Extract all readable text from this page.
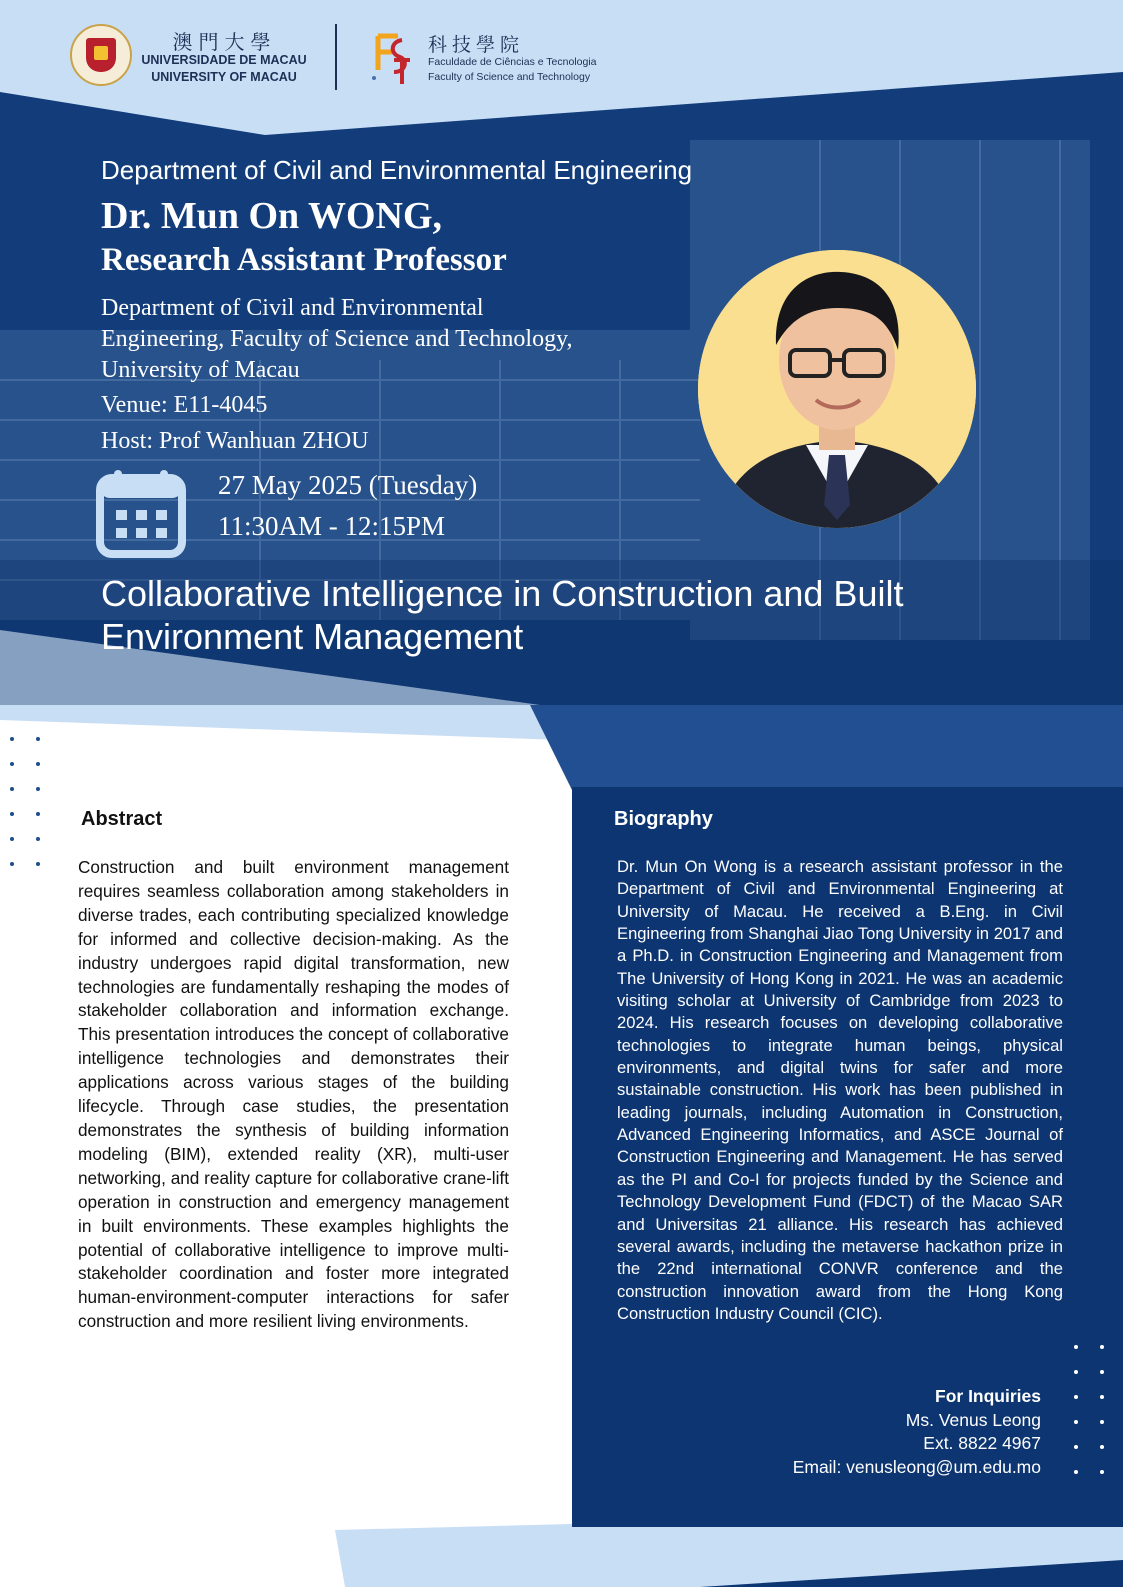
澳門大學
UNIVERSIDADE DE MACAU
UNIVERSITY OF MACAU
科技學院
Faculdade de Ciências e Tecnologia
Faculty of Science and Technology
Department of Civil and Environmental Engineering
Dr. Mun On WONG,
Research Assistant Professor
Department of Civil and Environmental
Engineering, Faculty of Science and Technology,
University of Macau
Venue: E11-4045
Host: Prof Wanhuan ZHOU
27 May 2025 (Tuesday)
11:30AM - 12:15PM
Collaborative Intelligence in Construction and Built
Environment Management
Abstract
Construction and built environment management requires seamless collaboration among stakeholders in diverse trades, each contributing specialized knowledge for informed and collective decision-making. As the industry undergoes rapid digital transformation, new technologies are fundamentally reshaping the modes of stakeholder collaboration and information exchange. This presentation introduces the concept of collaborative intelligence technologies and demonstrates their applications across various stages of the building lifecycle. Through case studies, the presentation demonstrates the synthesis of building information modeling (BIM), extended reality (XR), multi-user networking, and reality capture for collaborative crane-lift operation in construction and emergency management in built environments. These examples highlights the potential of collaborative intelligence to improve multi-stakeholder coordination and foster more integrated human-environment-computer interactions for safer construction and more resilient living environments.
Biography
Dr. Mun On Wong is a research assistant professor in the Department of Civil and Environmental Engineering at University of Macau. He received a B.Eng. in Civil Engineering from Shanghai Jiao Tong University in 2017 and a Ph.D. in Construction Engineering and Management from The University of Hong Kong in 2021. He was an academic visiting scholar at University of Cambridge from 2023 to 2024. His research focuses on developing collaborative technologies to integrate human beings, physical environments, and digital twins for safer and more sustainable construction. His work has been published in leading journals, including Automation in Construction, Advanced Engineering Informatics, and ASCE Journal of Construction Engineering and Management. He has served as the PI and Co-I for projects funded by the Science and Technology Development Fund (FDCT) of the Macao SAR and Universitas 21 alliance. His research has achieved several awards, including the metaverse hackathon prize in the 22nd international CONVR conference and the construction innovation award from the Hong Kong Construction Industry Council (CIC).
For Inquiries
Ms. Venus Leong
Ext. 8822 4967
Email: venusleong@um.edu.mo
